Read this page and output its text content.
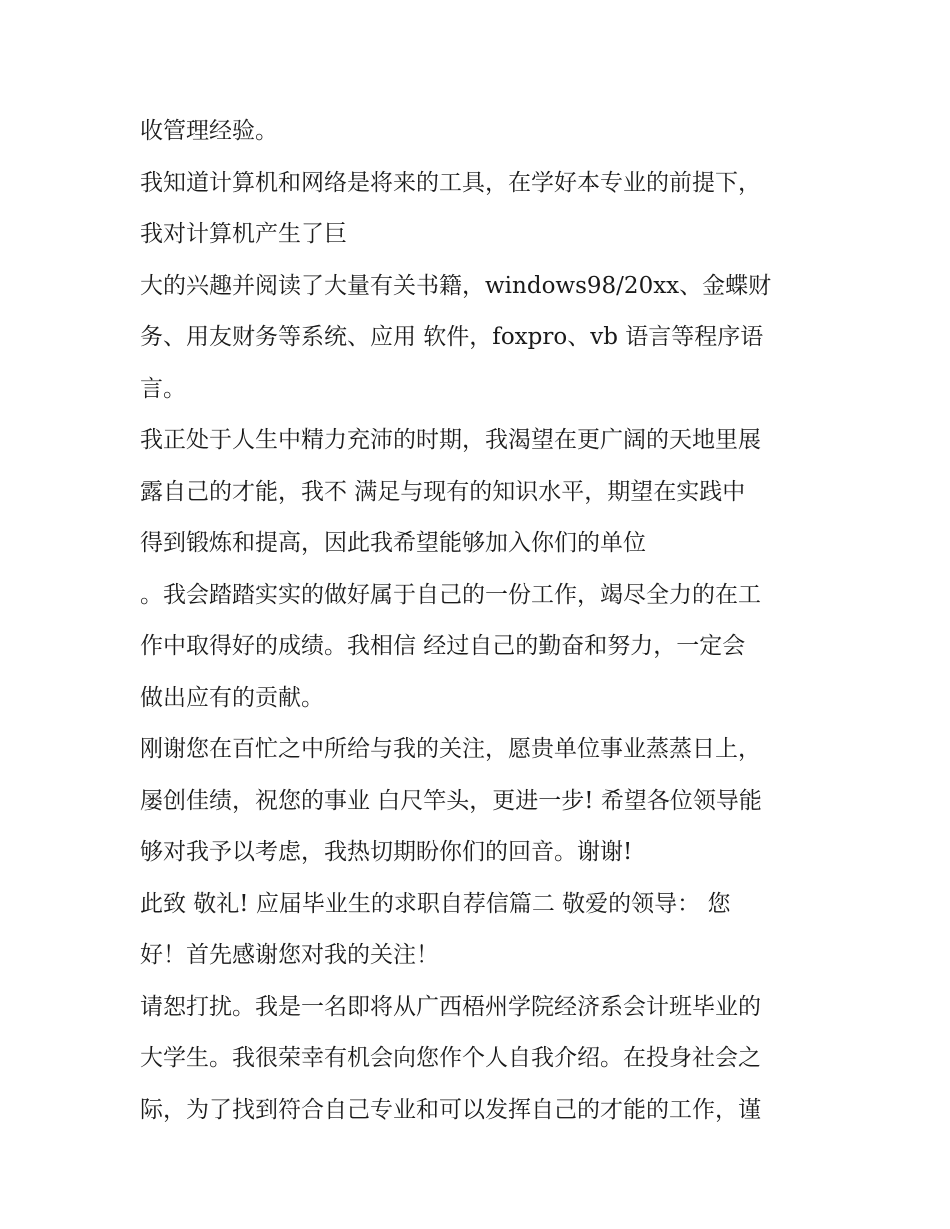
收管理经验。
我知道计算机和网络是将来的工具，在学好本专业的前提下，
我对计算机产生了巨
大的兴趣并阅读了大量有关书籍，windows98/20xx、金蝶财
务、用友财务等系统、应用 软件，foxpro、vb 语言等程序语
言。
我正处于人生中精力充沛的时期，我渴望在更广阔的天地里展
露自己的才能，我不 满足与现有的知识水平，期望在实践中
得到锻炼和提高，因此我希望能够加入你们的单位
。我会踏踏实实的做好属于自己的一份工作，竭尽全力的在工
作中取得好的成绩。我相信 经过自己的勤奋和努力，一定会
做出应有的贡献。
刚谢您在百忙之中所给与我的关注，愿贵单位事业蒸蒸日上，
屡创佳绩，祝您的事业 白尺竿头，更进一步! 希望各位领导能
够对我予以考虑，我热切期盼你们的回音。谢谢!
此致 敬礼! 应届毕业生的求职自荐信篇二 敬爱的领导： 您
好！首先感谢您对我的关注！
请恕打扰。我是一名即将从广西梧州学院经济系会计班毕业的
大学生。我很荣幸有机会向您作个人自我介绍。在投身社会之
际，为了找到符合自己专业和可以发挥自己的才能的工作，谨
